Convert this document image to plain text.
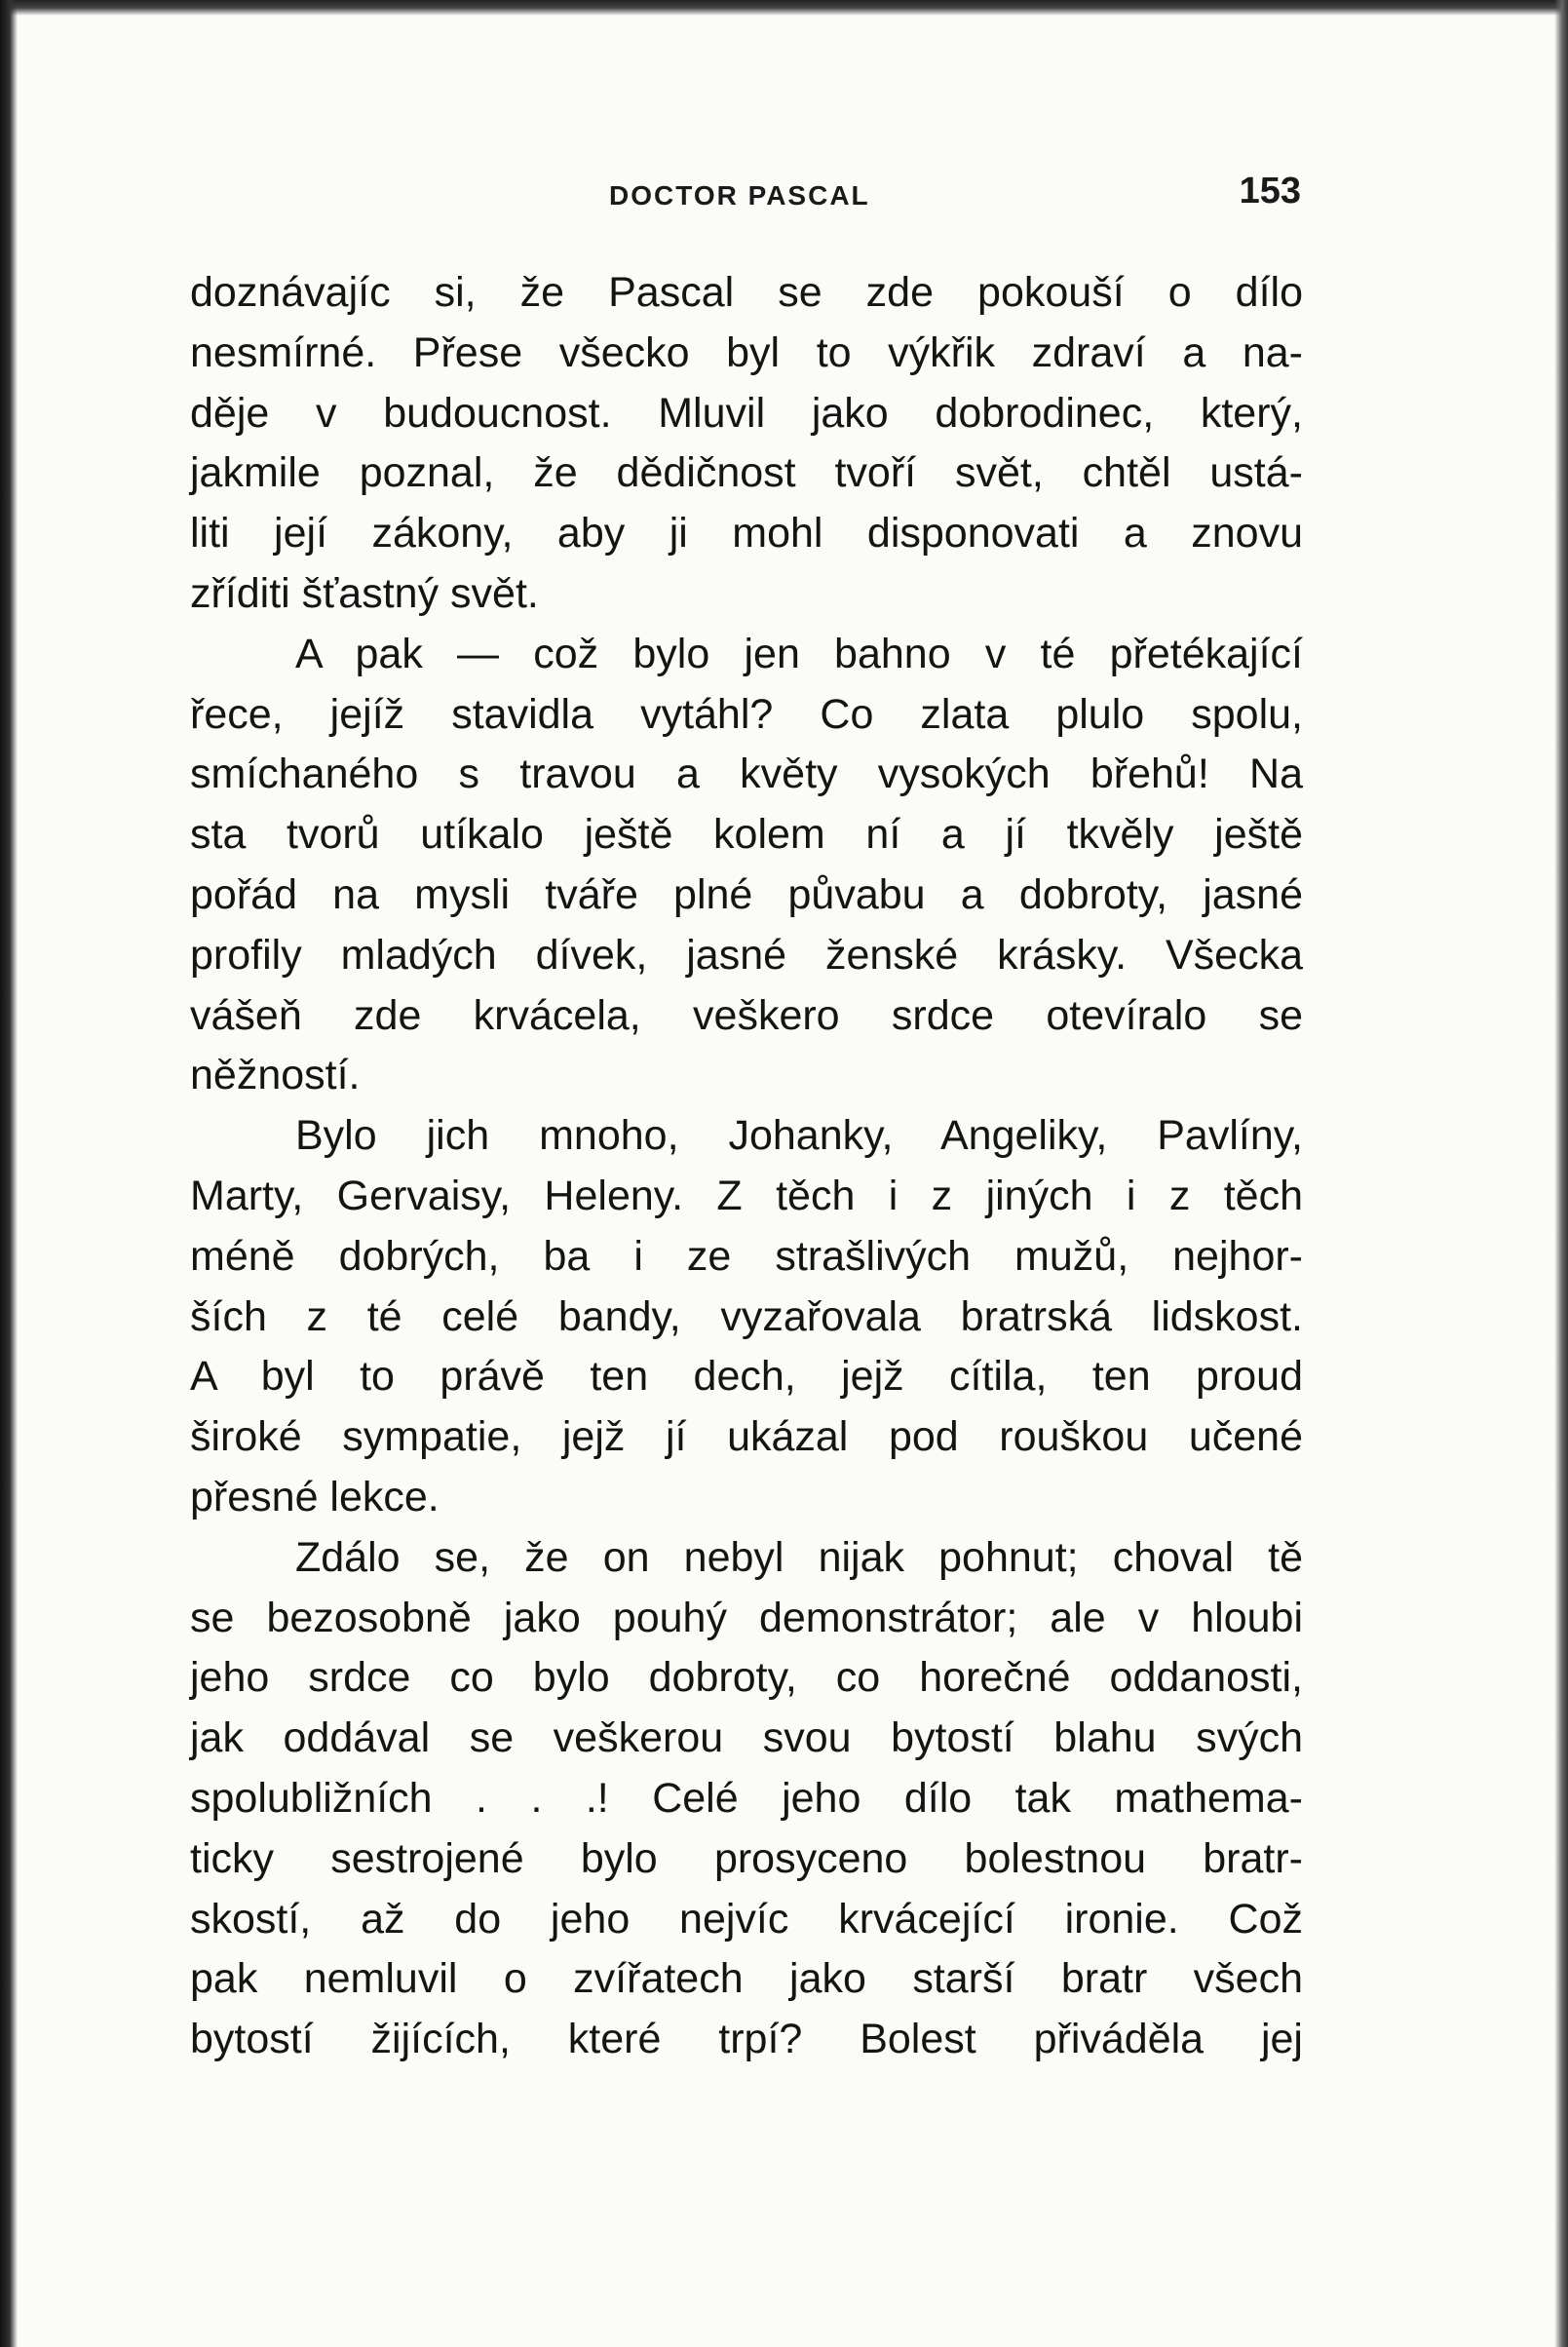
DOCTOR PASCAL	153
doznávajíc si, že Pascal se zde pokouší o dílo
nesmírné. Přese všecko byl to výkřik zdraví a na-
děje v budoucnost. Mluvil jako dobrodinec, který,
jakmile poznal, že dědičnost tvoří svět, chtěl ustá-
liti její zákony, aby ji mohl disponovati a znovu
zříditi šťastný svět.
A pak — což bylo jen bahno v té přetékající
řece, jejíž stavidla vytáhl? Co zlata plulo spolu,
smíchaného s travou a květy vysokých břehů! Na
sta tvorů utíkalo ještě kolem ní a jí tkvěly ještě
pořád na mysli tváře plné půvabu a dobroty, jasné
profily mladých dívek, jasné ženské krásky. Všecka
vášeň zde krvácela, veškero srdce otevíralo se
něžností.
Bylo jich mnoho, Johanky, Angeliky, Pavlíny,
Marty, Gervaisy, Heleny. Z těch i z jiných i z těch
méně dobrých, ba i ze strašlivých mužů, nejhor-
ších z té celé bandy, vyzařovala bratrská lidskost.
A byl to právě ten dech, jejž cítila, ten proud
široké sympatie, jejž jí ukázal pod rouškou učené
přesné lekce.
Zdálo se, že on nebyl nijak pohnut; choval tě
se bezosobně jako pouhý demonstrátor; ale v hloubi
jeho srdce co bylo dobroty, co horečné oddanosti,
jak oddával se veškerou svou bytostí blahu svých
spolubližních . . .! Celé jeho dílo tak mathema-
ticky sestrojené bylo prosyceno bolestnou bratr-
skostí, až do jeho nejvíc krvácející ironie. Což
pak nemluvil o zvířatech jako starší bratr všech
bytostí žijících, které trpí? Bolest přiváděla jej
